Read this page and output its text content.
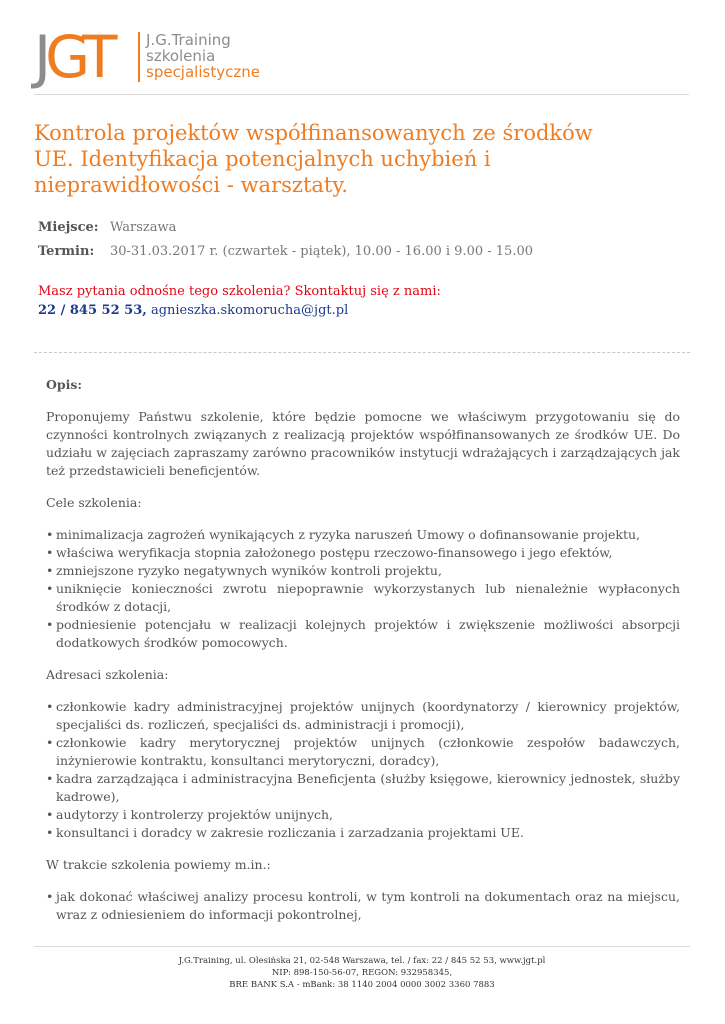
J GT J.G.Training
szkolenia
specjalistyczne
Kontrola projektów współfinansowanych ze środków UE. Identyfikacja potencjalnych uchybień i nieprawidłowości - warsztaty.
Miejsce: Warszawa
Termin:	30-31.03.2017 r. (czwartek - piątek), 10.00 - 16.00 i 9.00 - 15.00
Masz pytania odnośne tego szkolenia? Skontaktuj się z nami:
22 / 845 52 53, agnieszka.skomorucha@jgt.pl

Opis:

Proponujemy Państwu szkolenie, które będzie pomocne we właściwym przygotowaniu się do czynności kontrolnych związanych z realizacją projektów współfinansowanych ze środków UE. Do udziału w zajęciach zapraszamy zarówno pracowników instytucji wdrażających i zarządzających jak też przedstawicieli beneficjentów.

Cele szkolenia:

• minimalizacja zagrożeń wynikających z ryzyka naruszeń Umowy o dofinansowanie projektu,
• właściwa weryfikacja stopnia założonego postępu rzeczowo-finansowego i jego efektów,
• zmniejszone ryzyko negatywnych wyników kontroli projektu,
• uniknięcie konieczności zwrotu niepoprawnie wykorzystanych lub nienależnie wypłaconych środków z dotacji,
• podniesienie potencjału w realizacji kolejnych projektów i zwiększenie możliwości absorpcji dodatkowych środków pomocowych.

Adresaci szkolenia:

• członkowie kadry administracyjnej projektów unijnych (koordynatorzy / kierownicy projektów, specjaliści ds. rozliczeń, specjaliści ds. administracji i promocji),
• członkowie kadry merytorycznej projektów unijnych (członkowie zespołów badawczych, inżynierowie kontraktu, konsultanci merytoryczni, doradcy),
• kadra zarządzająca i administracyjna Beneficjenta (służby księgowe, kierownicy jednostek, służby kadrowe),
• audytorzy i kontrolerzy projektów unijnych,
• konsultanci i doradcy w zakresie rozliczania i zarzadzania projektami UE.

W trakcie szkolenia powiemy m.in.:

• jak dokonać właściwej analizy procesu kontroli, w tym kontroli na dokumentach oraz na miejscu, wraz z odniesieniem do informacji pokontrolnej,
J.G.Training, ul. Olesińska 21, 02-548 Warszawa, tel. / fax: 22 / 845 52 53, www.jgt.pl
NIP: 898-150-56-07, REGON: 932958345,
BRE BANK S.A - mBank: 38 1140 2004 0000 3002 3360 7883
